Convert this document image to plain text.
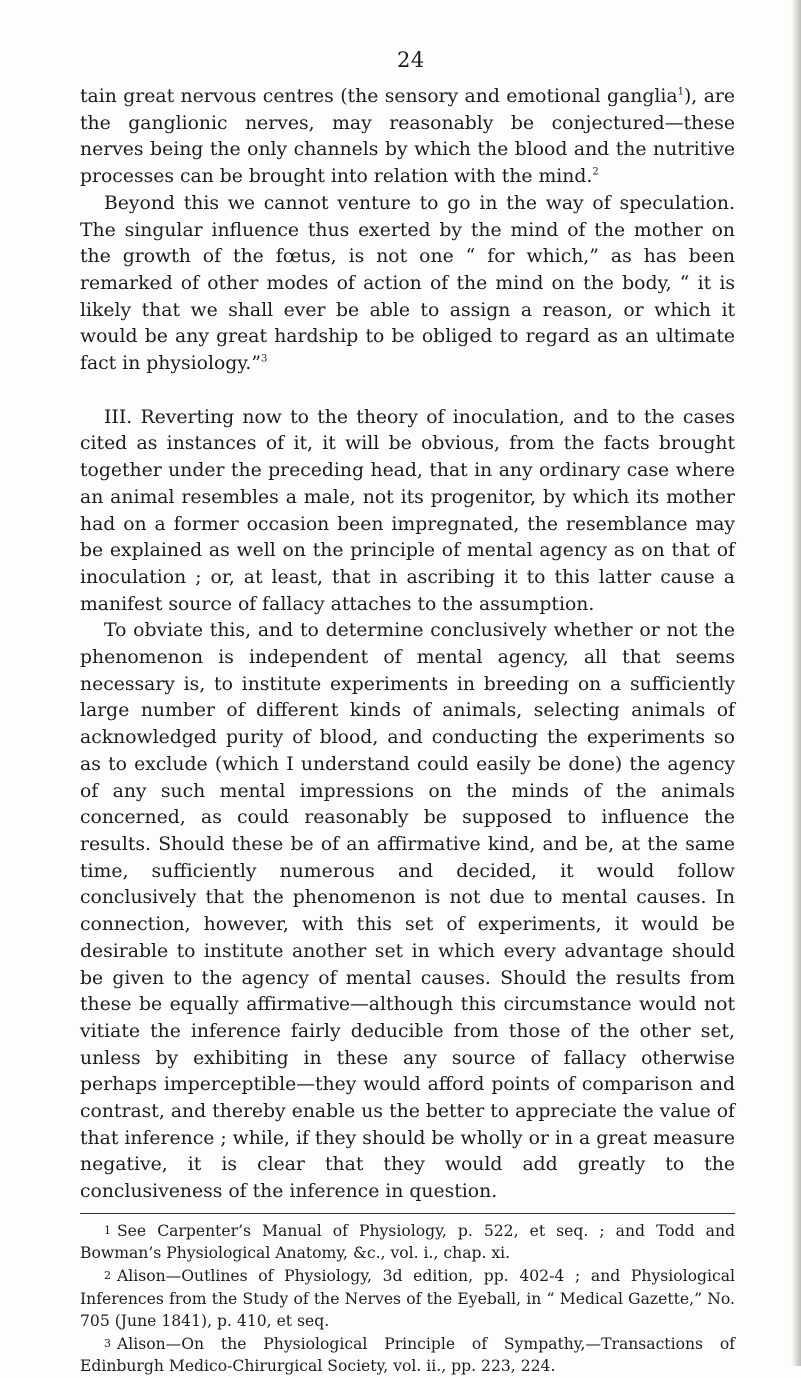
24

tain great nervous centres (the sensory and emotional ganglia$^1$), are the ganglionic nerves, may reasonably be conjectured—these nerves being the only channels by which the blood and the nutritive processes can be brought into relation with the mind.$^2$

Beyond this we cannot venture to go in the way of speculation. The singular influence thus exerted by the mind of the mother on the growth of the fœtus, is not one “ for which,” as has been remarked of other modes of action of the mind on the body, “ it is likely that we shall ever be able to assign a reason, or which it would be any great hardship to be obliged to regard as an ultimate fact in physiology.”$^3$

III. Reverting now to the theory of inoculation, and to the cases cited as instances of it, it will be obvious, from the facts brought together under the preceding head, that in any ordinary case where an animal resembles a male, not its progenitor, by which its mother had on a former occasion been impregnated, the resemblance may be explained as well on the principle of mental agency as on that of inoculation ; or, at least, that in ascribing it to this latter cause a manifest source of fallacy attaches to the assumption.

To obviate this, and to determine conclusively whether or not the phenomenon is independent of mental agency, all that seems necessary is, to institute experiments in breeding on a sufficiently large number of different kinds of animals, selecting animals of acknowledged purity of blood, and conducting the experiments so as to exclude (which I understand could easily be done) the agency of any such mental impressions on the minds of the animals concerned, as could reasonably be supposed to influence the results. Should these be of an affirmative kind, and be, at the same time, sufficiently numerous and decided, it would follow conclusively that the phenomenon is not due to mental causes. In connection, however, with this set of experiments, it would be desirable to institute another set in which every advantage should be given to the agency of mental causes. Should the results from these be equally affirmative—although this circumstance would not vitiate the inference fairly deducible from those of the other set, unless by exhibiting in these any source of fallacy otherwise perhaps imperceptible—they would afford points of comparison and contrast, and thereby enable us the better to appreciate the value of that inference ; while, if they should be wholly or in a great measure negative, it is clear that they would add greatly to the conclusiveness of the inference in question.

1 See Carpenter’s Manual of Physiology, p. 522, et seq. ; and Todd and Bowman’s Physiological Anatomy, &c., vol. i., chap. xi.

2 Alison—Outlines of Physiology, 3d edition, pp. 402-4 ; and Physiological Inferences from the Study of the Nerves of the Eyeball, in “ Medical Gazette,” No. 705 (June 1841), p. 410, et seq.

3 Alison—On the Physiological Principle of Sympathy,—Transactions of Edinburgh Medico-Chirurgical Society, vol. ii., pp. 223, 224.
